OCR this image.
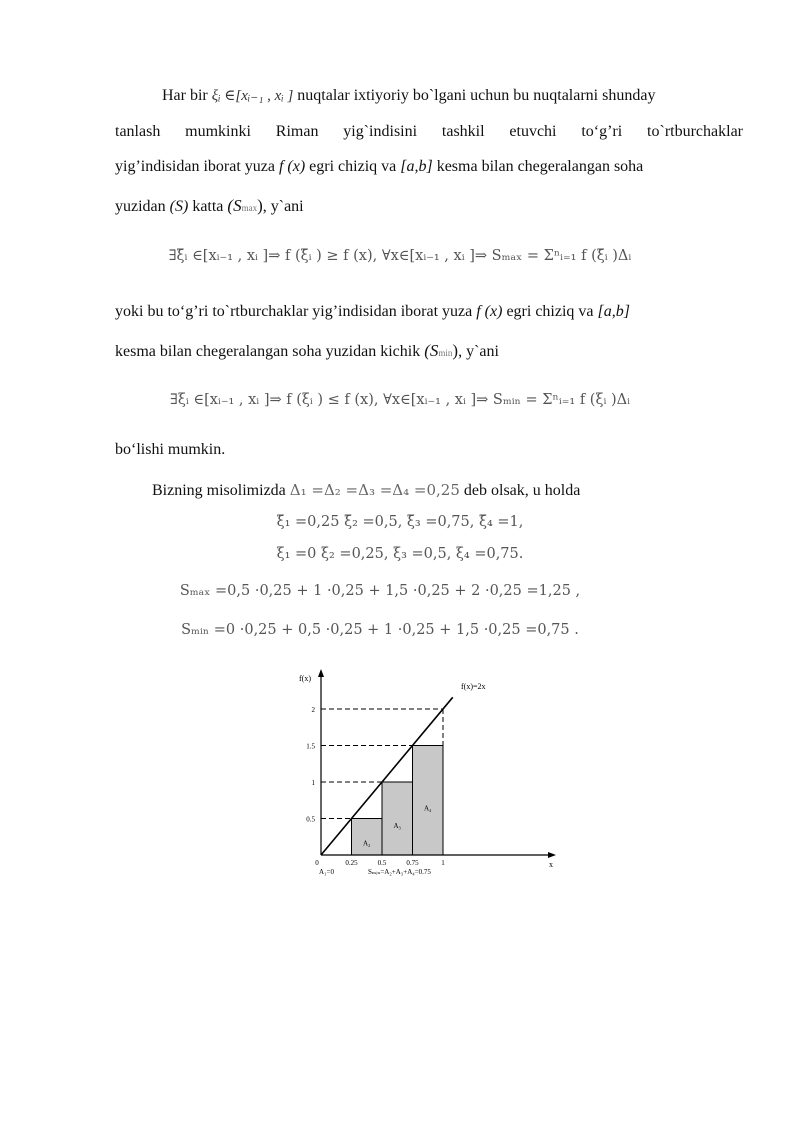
Har bir ξᵢ ∈[xᵢ₋₁ , xᵢ ] nuqtalar ixtiyoriy bo`lgani uchun bu nuqtalarni shunday
tanlash mumkinki Riman yig`indisini tashkil etuvchi to‘g’ri to`rtburchaklar
yig’indisidan iborat yuza f (x) egri chiziq va [a,b] kesma bilan chegeralangan soha
yuzidan (S) katta (Smax), y`ani
∃ξ̄ᵢ ∈[xᵢ₋₁ , xᵢ ]⇒ f (ξ̄ᵢ ) ≥ f (x), ∀x∈[xᵢ₋₁ , xᵢ ]⇒ Sₘₐₓ = Σⁿᵢ₌₁ f (ξ̄ᵢ )Δᵢ
yoki bu to‘g’ri to`rtburchaklar yig’indisidan iborat yuza f (x) egri chiziq va [a,b]
kesma bilan chegeralangan soha yuzidan kichik (Smin), y`ani
∃ξᵢ ∈[xᵢ₋₁ , xᵢ ]⇒ f (ξᵢ ) ≤ f (x), ∀x∈[xᵢ₋₁ , xᵢ ]⇒ Sₘᵢₙ = Σⁿᵢ₌₁ f (ξᵢ )Δᵢ
bo‘lishi mumkin.
Bizning misolimizda Δ₁ =Δ₂ =Δ₃ =Δ₄ =0,25 deb olsak, u holda
ξ̄₁ =0,25 ξ̄₂ =0,5, ξ̄₃ =0,75, ξ̄₄ =1,
ξ₁ =0 ξ₂ =0,25, ξ₃ =0,5, ξ₄ =0,75.
Sₘₐₓ =0,5 ·0,25 + 1 ·0,25 + 1,5 ·0,25 + 2 ·0,25 =1,25 ,
Sₘᵢₙ =0 ·0,25 + 0,5 ·0,25 + 1 ·0,25 + 1,5 ·0,25 =0,75 .
0.5
1
1.5
2
0	0.25	0.5	0.75	1
A₂
A₃
A₄
f(x)
x
f(x)=2x
A₁=0	Sₘᵢₙ=A₂+A₃+A₄=0.75
